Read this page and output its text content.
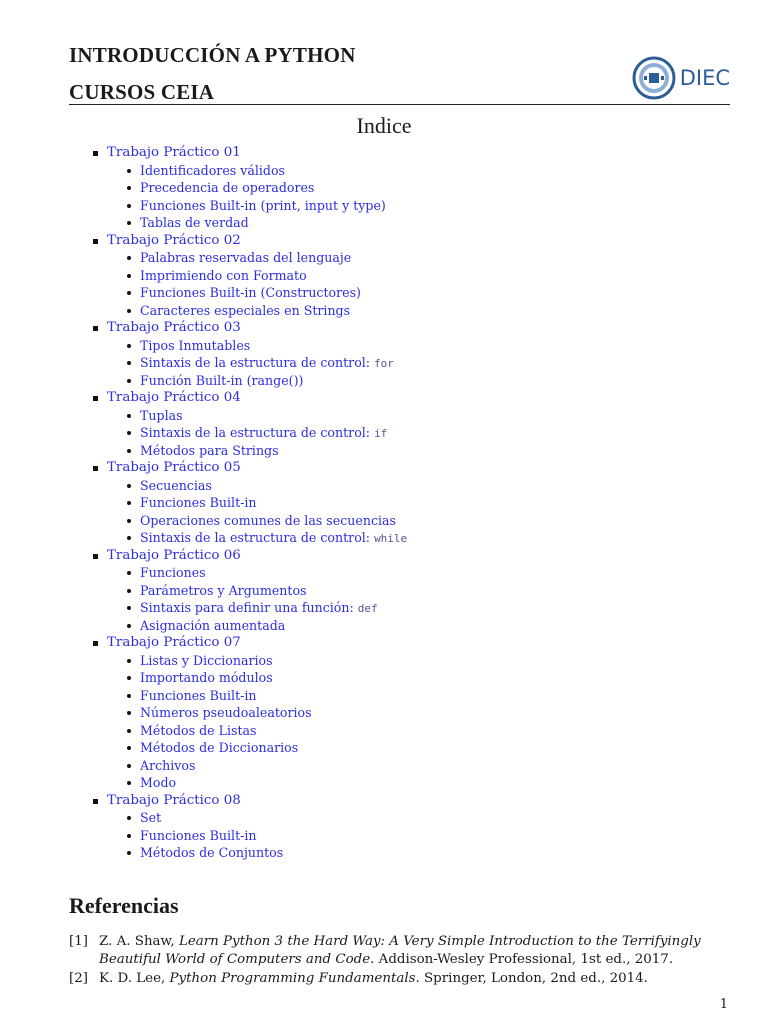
INTRODUCCIÓN A PYTHON
CURSOS CEIA
DIEC
Indice
Trabajo Práctico 01
Identificadores válidos
Precedencia de operadores
Funciones Built-in (print, input y type)
Tablas de verdad
Trabajo Práctico 02
Palabras reservadas del lenguaje
Imprimiendo con Formato
Funciones Built-in (Constructores)
Caracteres especiales en Strings
Trabajo Práctico 03
Tipos Inmutables
Sintaxis de la estructura de control: for
Función Built-in (range())
Trabajo Práctico 04
Tuplas
Sintaxis de la estructura de control: if
Métodos para Strings
Trabajo Práctico 05
Secuencias
Funciones Built-in
Operaciones comunes de las secuencias
Sintaxis de la estructura de control: while
Trabajo Práctico 06
Funciones
Parámetros y Argumentos
Sintaxis para definir una función: def
Asignación aumentada
Trabajo Práctico 07
Listas y Diccionarios
Importando módulos
Funciones Built-in
Números pseudoaleatorios
Métodos de Listas
Métodos de Diccionarios
Archivos
Modo
Trabajo Práctico 08
Set
Funciones Built-in
Métodos de Conjuntos
Referencias
[1] Z. A. Shaw, Learn Python 3 the Hard Way: A Very Simple Introduction to the Terrifyingly Beautiful World of Computers and Code. Addison-Wesley Professional, 1st ed., 2017.
[2] K. D. Lee, Python Programming Fundamentals. Springer, London, 2nd ed., 2014.
1
